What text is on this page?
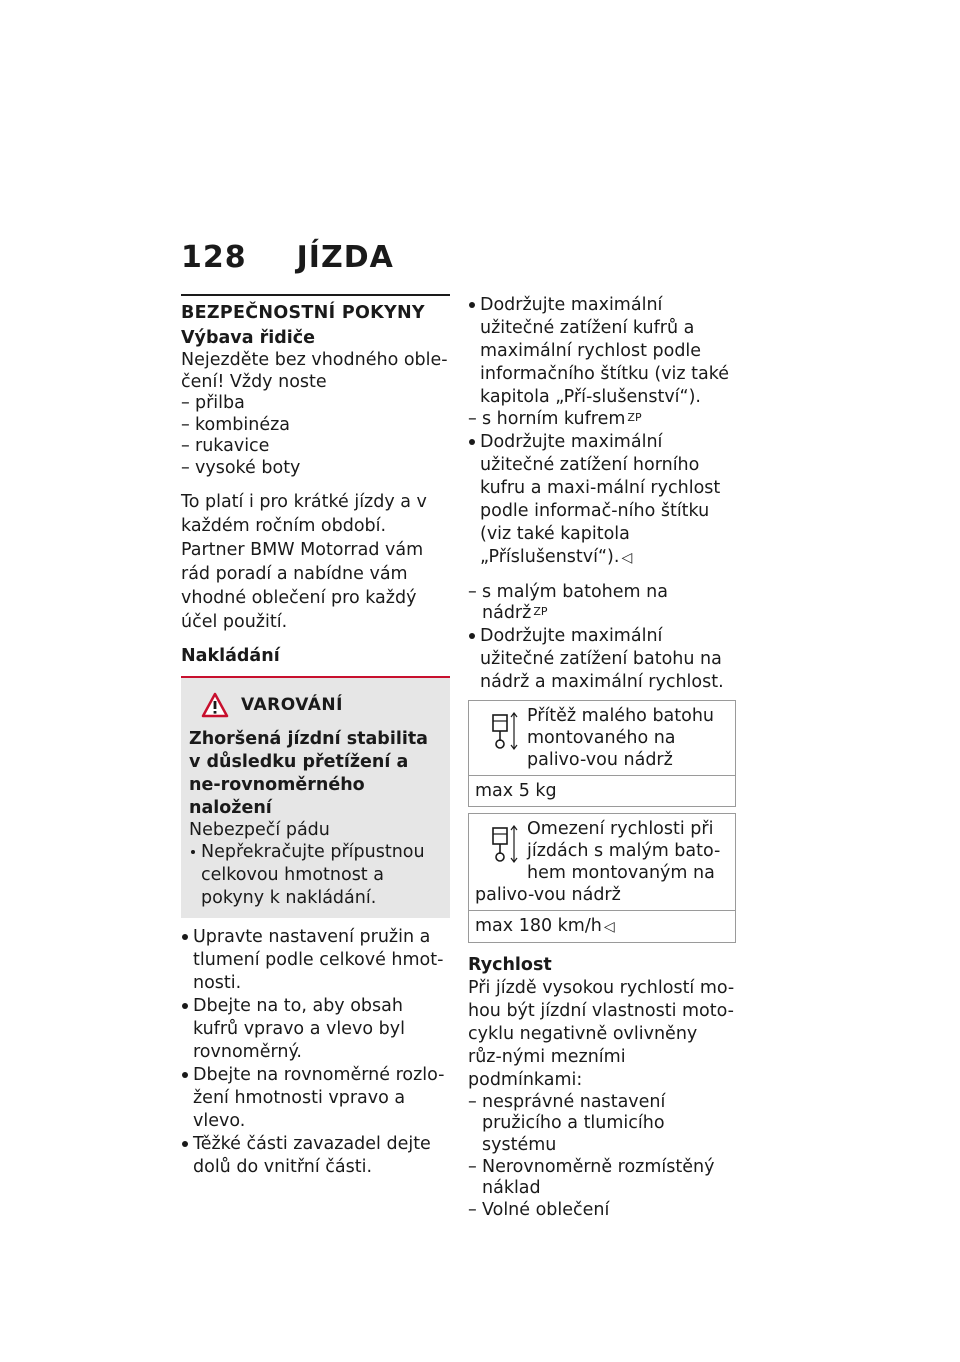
128 JÍZDA
BEZPEČNOSTNÍ POKYNY
Výbava řidiče
Nejezděte bez vhodného oble-čení! Vždy noste
– přilba
– kombinéza
– rukavice
– vysoké boty
To platí i pro krátké jízdy a v každém ročním období. Partner BMW Motorrad vám rád poradí a nabídne vám vhodné oblečení pro každý účel použití.
Nakládání
VAROVÁNÍ
Zhoršená jízdní stabilita v důsledku přetížení a ne-rovnoměrného naložení
Nebezpečí pádu
Nepřekračujte přípustnou celkovou hmotnost a pokyny k nakládání.
Upravte nastavení pružin a tlumení podle celkové hmot-nosti.
Dbejte na to, aby obsah kufrů vpravo a vlevo byl rovnoměrný.
Dbejte na rovnoměrné rozlo-žení hmotnosti vpravo a vlevo.
Těžké části zavazadel dejte dolů do vnitřní části.
Dodržujte maximální užitečné zatížení kufrů a maximální rychlost podle informačního štítku (viz také kapitola „Pří-slušenství“).
– s horním kufrem $^{ZP}$
Dodržujte maximální užitečné zatížení horního kufru a maxi-mální rychlost podle informač-ního štítku (viz také kapitola „Příslušenství“). ◁
– s malým batohem na nádrž $^{ZP}$
Dodržujte maximální užitečné zatížení batohu na nádrž a maximální rychlost.
Přítěž malého batohu montovaného na palivo-vou nádrž
max 5 kg
Omezení rychlosti při jízdách s malým bato-hem montovaným na palivo-vou nádrž
max 180 km/h ◁
Rychlost
Při jízdě vysokou rychlostí mo-hou být jízdní vlastnosti moto-cyklu negativně ovlivněny růz-nými mezními podmínkami:
– nesprávné nastavení pružicího a tlumicího systému
– Nerovnoměrně rozmístěný náklad
– Volné oblečení
